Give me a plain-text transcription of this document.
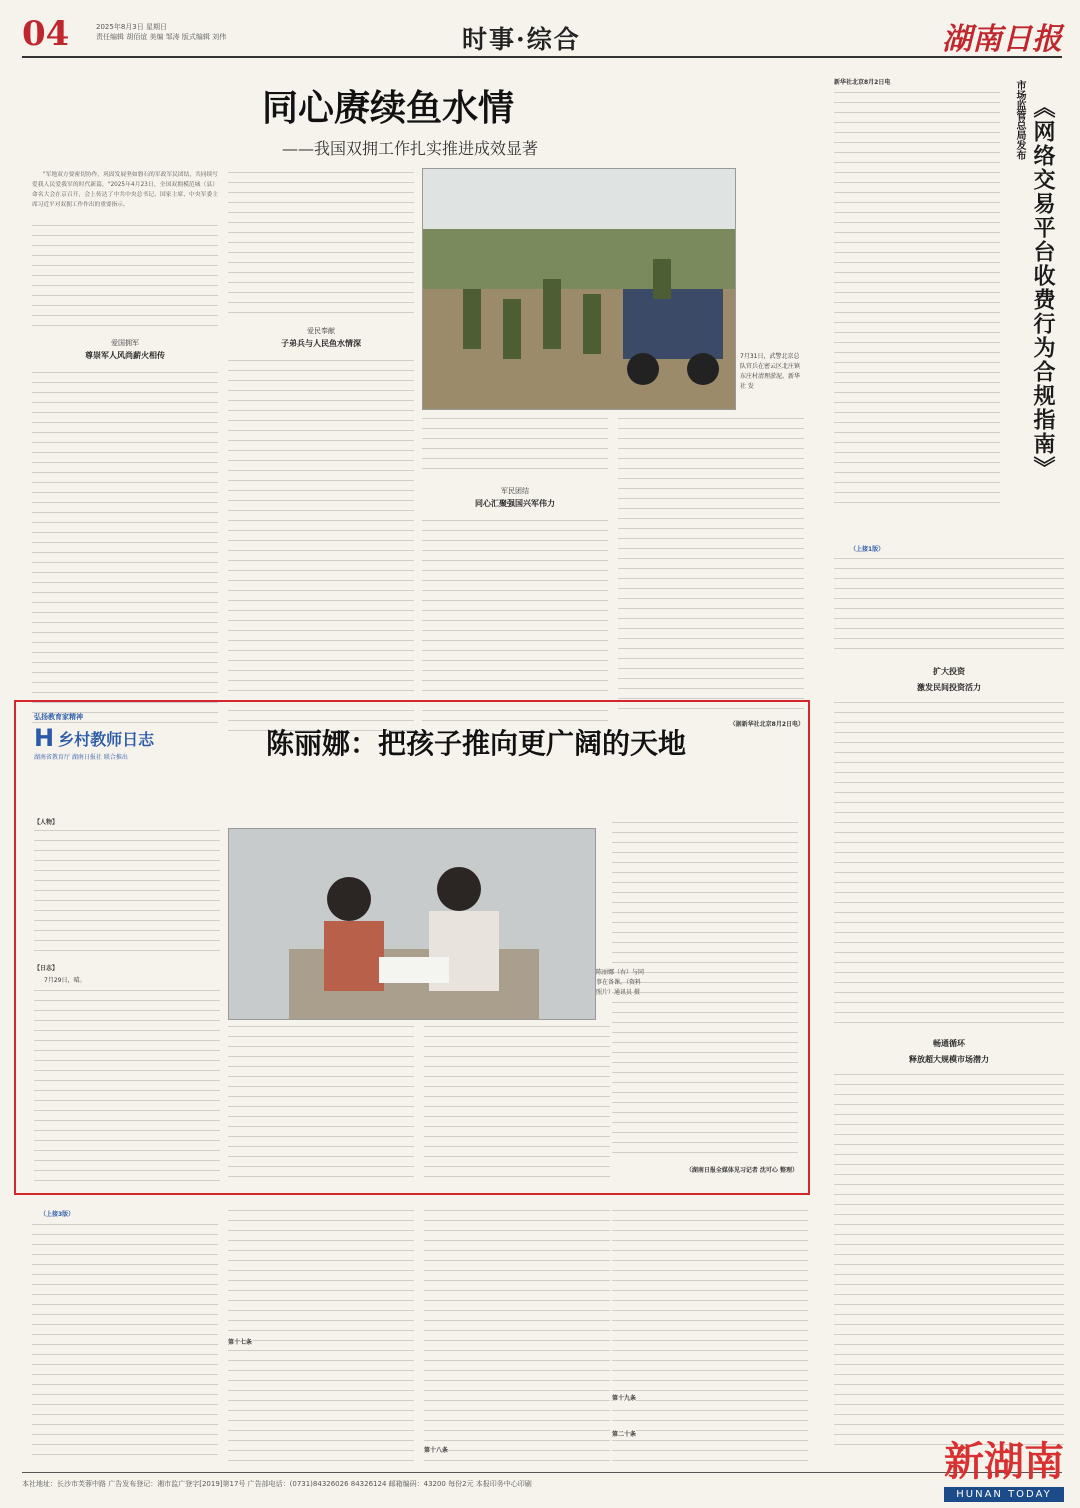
04	2025年8月3日 星期日
责任编辑 胡佰谊 美编 邹涛 版式编辑 刘伟	时事·综合	湖南日报
同心赓续鱼水情
——我国双拥工作扎实推进成效显著

"军地双方要密切协作，巩固发展坚如磐石的军政军民团结，共同续写爱我人民爱我军的时代新篇。"2025年4月23日，全国双拥模范城（县）命名大会在京召开，会上传达了中共中央总书记、国家主席、中央军委主席习近平对双拥工作作出的重要指示。

爱国拥军
尊崇军人风尚薪火相传
爱民奉献
子弟兵与人民鱼水情深
7月31日，武警北京总队官兵在密云区北庄镇东庄村清理淤泥。新华社 发
军民团结
同心汇聚强国兴军伟力
（据新华社北京8月2日电）
弘扬教育家精神
H 乡村教师日志
湖南省教育厅 湖南日报社 联合推出	陈丽娜：把孩子推向更广阔的天地
【人物】
【日志】
7月29日，晴。
陈丽娜（右）与同事在备课。（资料照片）通讯员 摄
（湖南日报全媒体见习记者 沈可心 整理）
新华社北京8月2日电	市场监管总局发布 《网络交易平台收费行为合规指南》
（上接1版）
扩大投资
激发民间投资活力
畅通循环
释放超大规模市场潜力
（上接3版）
第十七条
第十八条
第十九条
第二十条
本社地址：长沙市芙蓉中路 广告发布登记：湘市监广登字[2019]第17号 广告部电话：(0731)84326026 84326124 邮箱编码：43200 每份2元 本报印务中心印刷	新湖南
HUNAN TODAY
